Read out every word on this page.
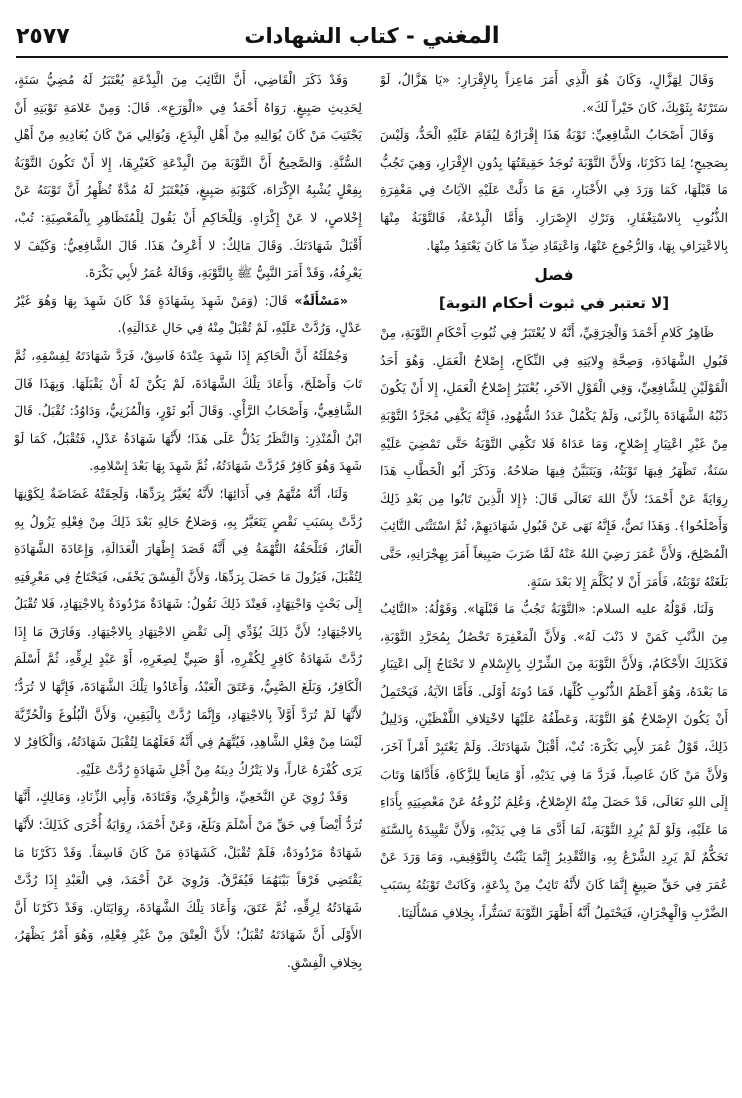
٢٥٧٧	المغني - كتاب الشهادات

وَقَالَ لِهَزَّالٍ، وَكَانَ هُوَ الَّذِي أَمَرَ مَاعِزاً بِالإِقْرَارِ: «يَا هَزَّالُ، لَوْ سَتَرْتَهُ بِثَوْبِكَ، كَانَ خَيْراً لَكَ».

وَقَالَ أَصْحَابُ الشَّافِعِيِّ: تَوْبَةُ هَذَا إِقْرَارُهُ لِيُقَامَ عَلَيْهِ الْحَدُّ، وَلَيْسَ بِصَحِيحٍ؛ لِمَا ذَكَرْنَا، وَلأَنَّ التَّوْبَةَ تُوجَدُ حَقِيقَتُهَا بِدُونِ الإِقْرَارِ، وَهِيَ تَجُبُّ مَا قَبْلَهَا، كَمَا وَرَدَ فِي الأَخْبَارِ، مَعَ مَا دَلَّتْ عَلَيْهِ الآيَاتُ فِي مَغْفِرَةِ الذُّنُوبِ بِالاسْتِغْفَارِ، وَتَرْكِ الإِصْرَارِ. وَأَمَّا الْبِدْعَةُ، فَالتَّوْبَةُ مِنْهَا بِالاعْتِرَافِ بِهَا، وَالرُّجُوعِ عَنْهَا، وَاعْتِقَادِ ضِدِّ مَا كَانَ يَعْتَقِدُ مِنْهَا.

فصل
[لا تعتبر في ثبوت أحكام التوبة]

ظَاهِرُ كَلامِ أَحْمَدَ وَالْخِرَقِيِّ، أَنَّهُ لا يُعْتَبَرُ فِي ثُبُوتِ أَحْكَامِ التَّوْبَةِ، مِنْ قَبُولِ الشَّهَادَةِ، وَصِحَّةِ وِلايَتِهِ فِي النِّكَاحِ، إِصْلاحُ الْعَمَلِ. وَهُوَ أَحَدُ الْقَوْلَيْنِ لِلشَّافِعِيِّ، وَفِي الْقَوْلِ الآخَرِ، يُعْتَبَرُ إِصْلاحُ الْعَمَلِ، إِلا أَنْ يَكُونَ ذَنْبُهُ الشَّهَادَةَ بِالزِّنَى، وَلَمْ يَكْمُلْ عَدَدُ الشُّهُودِ، فَإِنَّهُ يَكْفِي مُجَرَّدُ التَّوْبَةِ مِنْ غَيْرِ اعْتِبَارِ إِصْلاحٍ، وَمَا عَدَاهُ فَلا تَكْفِي التَّوْبَةُ حَتَّى تَمْضِيَ عَلَيْهِ سَنَةٌ، تَظْهَرُ فِيهَا تَوْبَتُهُ، وَيَتَبَيَّنُ فِيهَا صَلاحُهُ. وَذَكَرَ أَبُو الْخَطَّابِ هَذَا رِوَايَةً عَنْ أَحْمَدَ؛ لأَنَّ اللهَ تَعَالَى قَالَ: ﴿إِلا الَّذِينَ تَابُوا مِن بَعْدِ ذَلِكَ وَأَصْلَحُوا﴾. وَهَذَا نَصٌّ، فَإِنَّهُ نَهَى عَنْ قَبُولِ شَهَادَتِهِمْ، ثُمَّ اسْتَثْنَى التَّائِبَ الْمُصْلِحَ، وَلأَنَّ عُمَرَ رَضِيَ اللهُ عَنْهُ لَمَّا ضَرَبَ صَبِيغاً أَمَرَ بِهِجْرَانِهِ، حَتَّى بَلَغَتْهُ تَوْبَتُهُ، فَأَمَرَ أَنْ لا يُكَلَّمَ إِلا بَعْدَ سَنَةٍ.

وَلَنَا، قَوْلُهُ عليه السلام: «التَّوْبَةُ تَجُبُّ مَا قَبْلَهَا». وَقَوْلُهُ: «التَّائِبُ مِنَ الذَّنْبِ كَمَنْ لا ذَنْبَ لَهُ». وَلأَنَّ الْمَغْفِرَةَ تَحْصُلُ بِمُجَرَّدِ التَّوْبَةِ، فَكَذَلِكَ الأَحْكَامُ، وَلأَنَّ التَّوْبَةَ مِنَ الشِّرْكِ بِالإِسْلامِ لا تَحْتَاجُ إِلَى اعْتِبَارِ مَا بَعْدَهُ، وَهُوَ أَعْظَمُ الذُّنُوبِ كُلِّهَا، فَمَا دُونَهُ أَوْلَى. فَأَمَّا الآيَةُ، فَيَحْتَمِلُ أَنْ يَكُونَ الإِصْلاحُ هُوَ التَّوْبَةَ، وَعَطْفُهُ عَلَيْهَا لاخْتِلافِ اللَّفْظَيْنِ، وَدَلِيلُ ذَلِكَ، قَوْلُ عُمَرَ لأَبِي بَكْرَةَ: تُبْ، أَقْبَلْ شَهَادَتَكَ. وَلَمْ يَعْتَبِرْ أَمْراً آخَرَ، وَلأَنَّ مَنْ كَانَ غَاصِباً، فَرَدَّ مَا فِي يَدَيْهِ، أَوْ مَانِعاً لِلزَّكَاةِ، فَأَدَّاهَا وَتَابَ إِلَى اللهِ تَعَالَى، قَدْ حَصَلَ مِنْهُ الإِصْلاحُ، وَعُلِمَ نُزُوعُهُ عَنْ مَعْصِيَتِهِ بِأَدَاءِ مَا عَلَيْهِ، وَلَوْ لَمْ يُرِدِ التَّوْبَةَ، لَمَا أَدَّى مَا فِي يَدَيْهِ، وَلأَنَّ تَقْيِيدَهُ بِالسَّنَةِ تَحَكُّمٌ لَمْ يَرِدِ الشَّرْعُ بِهِ، وَالتَّقْدِيرُ إِنَّمَا يَثْبُتُ بِالتَّوْقِيفِ، وَمَا وَرَدَ عَنْ عُمَرَ فِي حَقِّ صَبِيغٍ إِنَّمَا كَانَ لأَنَّهُ تَائِبٌ مِنْ بِدْعَةٍ، وَكَانَتْ تَوْبَتُهُ بِسَبَبِ الضَّرْبِ وَالْهِجْرَانِ، فَيَحْتَمِلُ أَنَّهُ أَظْهَرَ التَّوْبَةَ تَسَتُّراً، بِخِلافِ مَسْأَلَتِنَا.

وَقَدْ ذَكَرَ الْقَاضِي، أَنَّ التَّائِبَ مِنَ الْبِدْعَةِ يُعْتَبَرُ لَهُ مُضِيُّ سَنَةٍ، لِحَدِيثِ صَبِيغٍ. رَوَاهُ أَحْمَدُ فِي «الْوَرَعِ». قَالَ: وَمِنْ عَلامَةِ تَوْبَتِهِ أَنْ يَجْتَنِبَ مَنْ كَانَ يُوَالِيهِ مِنْ أَهْلِ الْبِدَعِ، وَيُوَالِي مَنْ كَانَ يُعَادِيهِ مِنْ أَهْلِ السُّنَّةِ. وَالصَّحِيحُ أَنَّ التَّوْبَةَ مِنَ الْبِدْعَةِ كَغَيْرِهَا، إِلا أَنْ تَكُونَ التَّوْبَةُ بِفِعْلٍ يُشْبِهُ الإِكْرَاهَ، كَتَوْبَةِ صَبِيغٍ، فَيُعْتَبَرُ لَهُ مُدَّةٌ تُظْهِرُ أَنَّ تَوْبَتَهُ عَنْ إِخْلاصٍ، لا عَنْ إِكْرَاهٍ. وَلِلْحَاكِمِ أَنْ يَقُولَ لِلْمُتَظَاهِرِ بِالْمَعْصِيَةِ: تُبْ، أَقْبَلْ شَهَادَتَكَ. وَقَالَ مَالِكٌ: لا أَعْرِفُ هَذَا. قَالَ الشَّافِعِيُّ: وَكَيْفَ لا يَعْرِفُهُ، وَقَدْ أَمَرَ النَّبِيُّ ﷺ بِالتَّوْبَةِ، وَقَالَهُ عُمَرُ لأَبِي بَكْرَةَ.

«مَسْأَلَةٌ» قَالَ: (وَمَنْ شَهِدَ بِشَهَادَةٍ قَدْ كَانَ شَهِدَ بِهَا وَهُوَ غَيْرُ عَدْلٍ، وَرُدَّتْ عَلَيْهِ، لَمْ تُقْبَلْ مِنْهُ فِي حَالِ عَدَالَتِهِ).

وَجُمْلَتُهُ أَنَّ الْحَاكِمَ إِذَا شَهِدَ عِنْدَهُ فَاسِقٌ، فَرَدَّ شَهَادَتَهُ لِفِسْقِهِ، ثُمَّ تَابَ وَأَصْلَحَ، وَأَعَادَ تِلْكَ الشَّهَادَةَ، لَمْ يَكُنْ لَهُ أَنْ يَقْبَلَهَا. وَبِهَذَا قَالَ الشَّافِعِيُّ، وَأَصْحَابُ الرَّأْيِ. وَقَالَ أَبُو ثَوْرٍ، وَالْمُزَنِيُّ، وَدَاوُدُ: تُقْبَلُ. قَالَ ابْنُ الْمُنْذِرِ: وَالنَّظَرُ يَدُلُّ عَلَى هَذَا؛ لأَنَّهَا شَهَادَةُ عَدْلٍ، فَتُقْبَلُ، كَمَا لَوْ شَهِدَ وَهُوَ كَافِرٌ فَرُدَّتْ شَهَادَتُهُ، ثُمَّ شَهِدَ بِهَا بَعْدَ إِسْلامِهِ.

وَلَنَا، أَنَّهُ مُتَّهَمٌ فِي أَدَائِهَا؛ لأَنَّهُ يُعَيَّرُ بِرَدِّهَا، وَلَحِقَتْهُ غَضَاضَةٌ لِكَوْنِهَا رُدَّتْ بِسَبَبِ نَقْصٍ يَتَعَيَّرُ بِهِ، وَصَلاحُ حَالِهِ بَعْدَ ذَلِكَ مِنْ فِعْلِهِ يَزُولُ بِهِ الْعَارُ، فَتَلْحَقُهُ التُّهْمَةُ فِي أَنَّهُ قَصَدَ إِظْهَارَ الْعَدَالَةِ، وَإِعَادَةَ الشَّهَادَةِ لِتُقْبَلَ، فَيَزُولَ مَا حَصَلَ بِرَدِّهَا، وَلأَنَّ الْفِسْقَ يَخْفَى، فَيَحْتَاجُ فِي مَعْرِفَتِهِ إِلَى بَحْثٍ وَاجْتِهَادٍ، فَعِنْدَ ذَلِكَ نَقُولُ: شَهَادَةٌ مَرْدُودَةٌ بِالاجْتِهَادِ، فَلا تُقْبَلُ بِالاجْتِهَادِ؛ لأَنَّ ذَلِكَ يُؤَدِّي إِلَى نَقْضِ الاجْتِهَادِ بِالاجْتِهَادِ. وَفَارَقَ مَا إِذَا رُدَّتْ شَهَادَةُ كَافِرٍ لِكُفْرِهِ، أَوْ صَبِيٍّ لِصِغَرِهِ، أَوْ عَبْدٍ لِرِقِّهِ، ثُمَّ أَسْلَمَ الْكَافِرُ، وَبَلَغَ الصَّبِيُّ، وَعَتَقَ الْعَبْدُ، وَأَعَادُوا تِلْكَ الشَّهَادَةَ، فَإِنَّهَا لا تُرَدُّ؛ لأَنَّهَا لَمْ تُرَدَّ أَوَّلاً بِالاجْتِهَادِ، وَإِنَّمَا رُدَّتْ بِالْيَقِينِ، وَلأَنَّ الْبُلُوغَ وَالْحُرِّيَّةَ لَيْسَا مِنْ فِعْلِ الشَّاهِدِ، فَيُتَّهَمُ فِي أَنَّهُ فَعَلَهُمَا لِتُقْبَلَ شَهَادَتُهُ، وَالْكَافِرُ لا يَرَى كُفْرَهُ عَاراً، وَلا يَتْرُكُ دِينَهُ مِنْ أَجْلِ شَهَادَةٍ رُدَّتْ عَلَيْهِ.

وَقَدْ رُوِيَ عَنِ النَّخَعِيِّ، وَالزُّهْرِيِّ، وَقَتَادَةَ، وَأَبِي الزِّنَادِ، وَمَالِكٍ، أَنَّهَا تُرَدُّ أَيْضاً فِي حَقِّ مَنْ أَسْلَمَ وَبَلَغَ، وَعَنْ أَحْمَدَ، رِوَايَةٌ أُخْرَى كَذَلِكَ؛ لأَنَّهَا شَهَادَةٌ مَرْدُودَةٌ، فَلَمْ تُقْبَلْ، كَشَهَادَةِ مَنْ كَانَ فَاسِقاً. وَقَدْ ذَكَرْنَا مَا يَقْتَضِي فَرْقاً بَيْنَهُمَا فَيُفَرَّقُ. وَرُوِيَ عَنْ أَحْمَدَ، فِي الْعَبْدِ إِذَا رُدَّتْ شَهَادَتُهُ لِرِقِّهِ، ثُمَّ عَتَقَ، وَأَعَادَ تِلْكَ الشَّهَادَةَ، رِوَايَتَانِ. وَقَدْ ذَكَرْنَا أَنَّ الأَوْلَى أَنَّ شَهَادَتَهُ تُقْبَلُ؛ لأَنَّ الْعِتْقَ مِنْ غَيْرِ فِعْلِهِ، وَهُوَ أَمْرٌ يَظْهَرُ، بِخِلافِ الْفِسْقِ.
